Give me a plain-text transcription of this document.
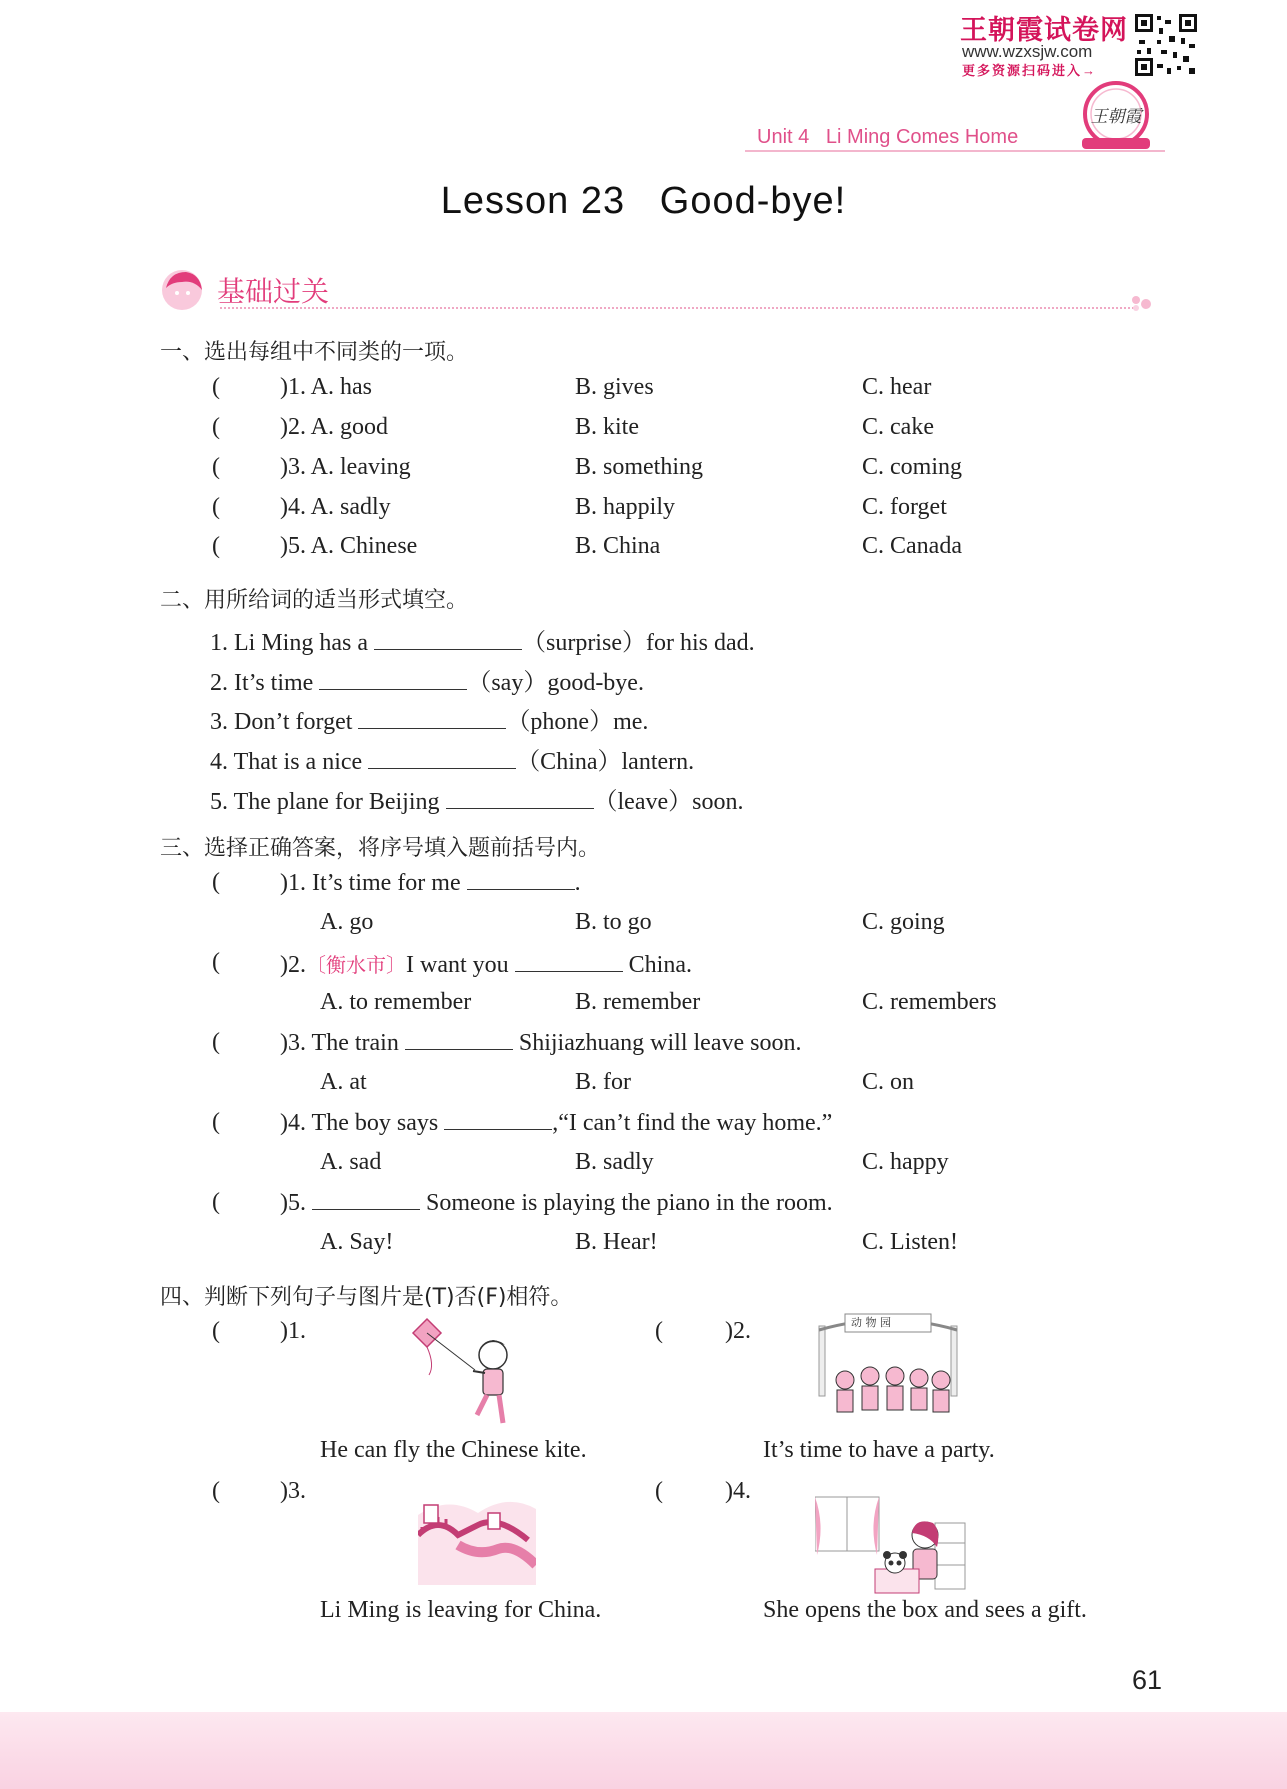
王朝霞试卷网
www.wzxsjw.com
更多资源扫码进入→
王朝霞
Unit 4 Li Ming Comes Home
Lesson 23   Good-bye!
基础过关
一、选出每组中不同类的一项。
(	)1. A. has	B. gives	C. hear
(	)2. A. good	B. kite	C. cake
(	)3. A. leaving	B. something	C. coming
(	)4. A. sadly	B. happily	C. forget
(	)5. A. Chinese	B. China	C. Canada
二、用所给词的适当形式填空。
1. Li Ming has a	（surprise）for his dad.
2. It’s time	（say）good-bye.
3. Don’t forget	（phone）me.
4. That is a nice	（China）lantern.
5. The plane for Beijing	（leave）soon.
三、选择正确答案，将序号填入题前括号内。
(	)1. It’s time for me	.
A. go	B. to go	C. going
(	)2.〔衡水市〕I want you	China.
A. to remember	B. remember	C. remembers
(	)3. The train	Shijiazhuang will leave soon.
A. at	B. for	C. on
(	)4. The boy says	,“I can’t find the way home.”
A. sad	B. sadly	C. happy
(	)5.	Someone is playing the piano in the room.
A. Say!	B. Hear!	C. Listen!
四、判断下列句子与图片是(T)否(F)相符。
(	)1.
He can fly the Chinese kite.
(	)2.	动 物 园
It’s time to have a party.
(	)3.
Li Ming is leaving for China.
(	)4.
She opens the box and sees a gift.
61
